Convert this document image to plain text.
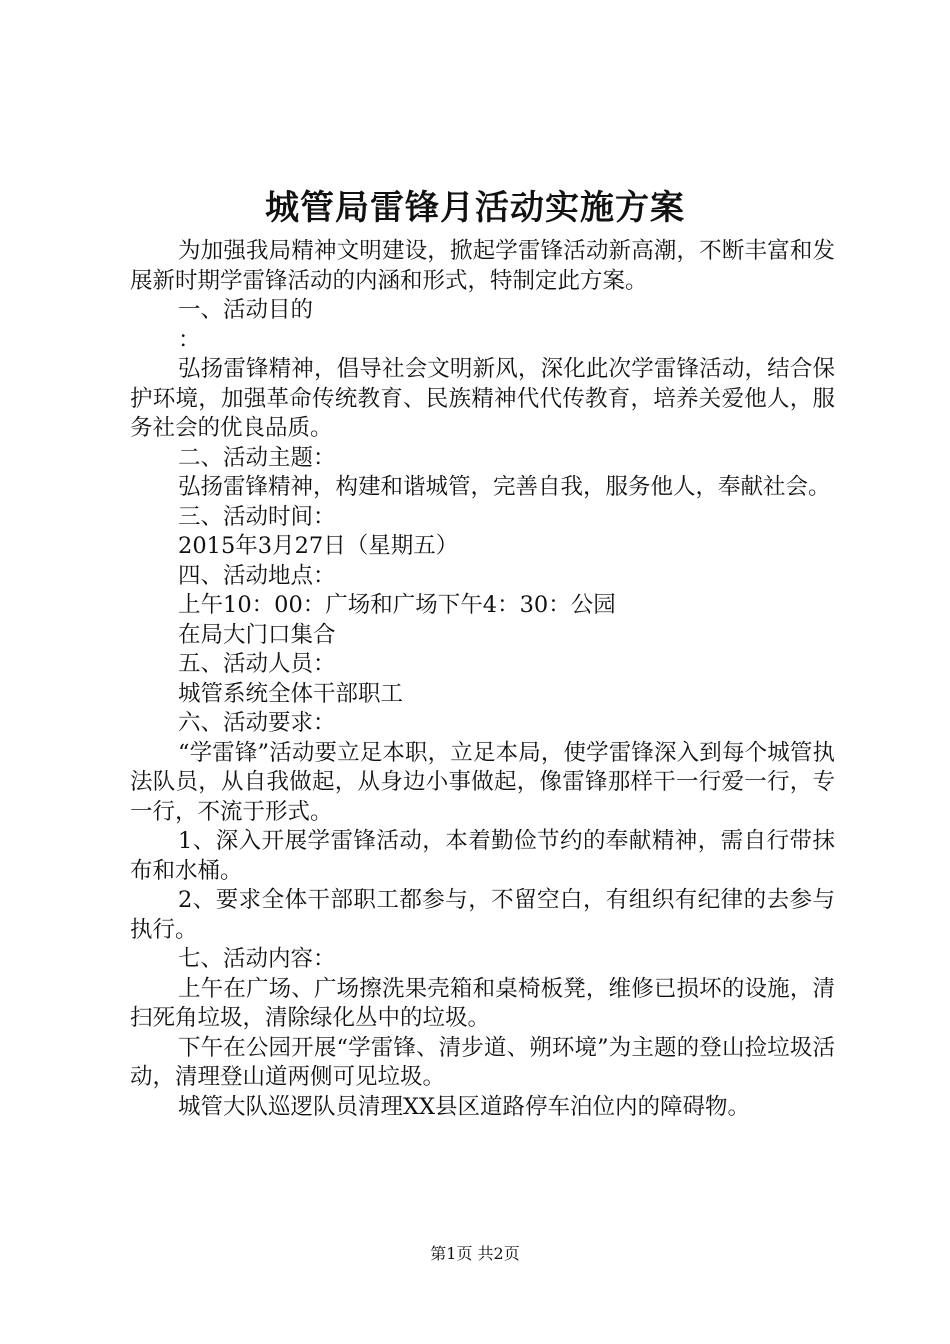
城管局雷锋月活动实施方案

为加强我局精神文明建设，掀起学雷锋活动新高潮，不断丰富和发展新时期学雷锋活动的内涵和形式，特制定此方案。

一、活动目的

：

弘扬雷锋精神，倡导社会文明新风，深化此次学雷锋活动，结合保护环境，加强革命传统教育、民族精神代代传教育，培养关爱他人，服务社会的优良品质。

二、活动主题：

弘扬雷锋精神，构建和谐城管，完善自我，服务他人，奉献社会。

三、活动时间：

2015年3月27日（星期五）

四、活动地点：

上午10：00：广场和广场下午4：30：公园

在局大门口集合

五、活动人员：

城管系统全体干部职工

六、活动要求：

“学雷锋”活动要立足本职，立足本局，使学雷锋深入到每个城管执法队员，从自我做起，从身边小事做起，像雷锋那样干一行爱一行，专一行，不流于形式。

1、深入开展学雷锋活动，本着勤俭节约的奉献精神，需自行带抹布和水桶。

2、要求全体干部职工都参与，不留空白，有组织有纪律的去参与执行。

七、活动内容：

上午在广场、广场擦洗果壳箱和桌椅板凳，维修已损坏的设施，清扫死角垃圾，清除绿化丛中的垃圾。

下午在公园开展“学雷锋、清步道、朔环境”为主题的登山捡垃圾活动，清理登山道两侧可见垃圾。

城管大队巡逻队员清理XX县区道路停车泊位内的障碍物。

第1页 共2页
